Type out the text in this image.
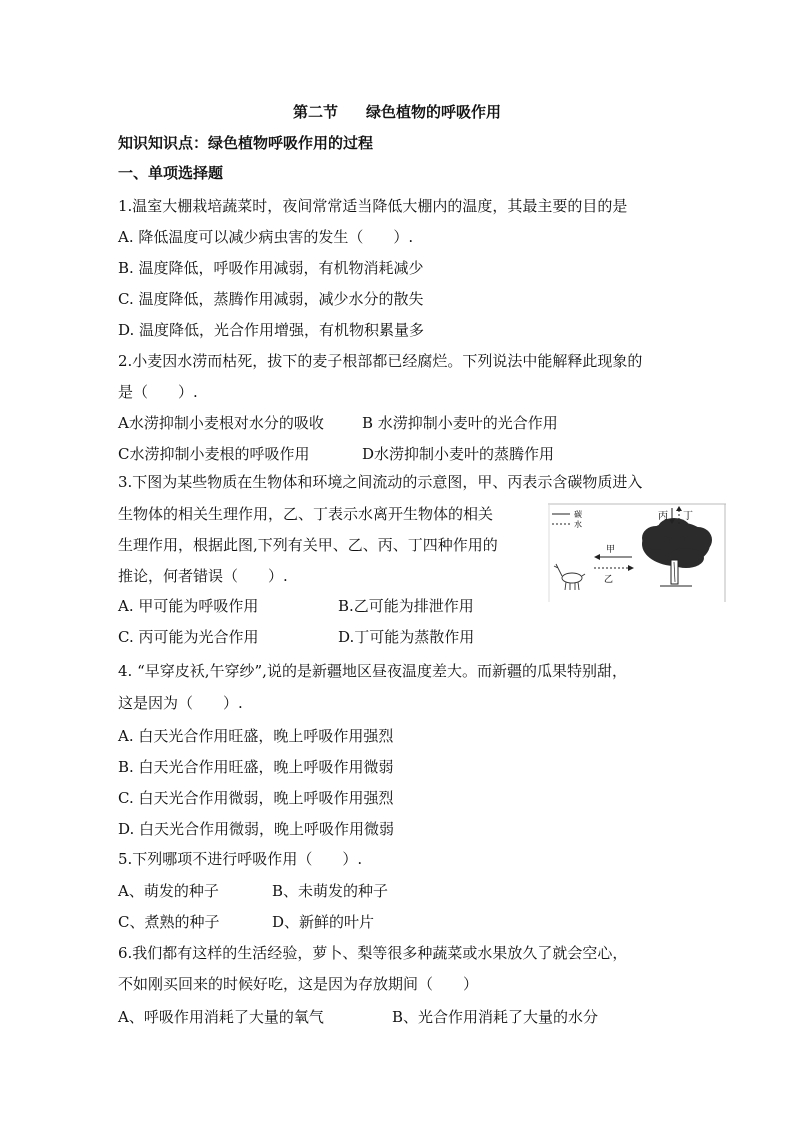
第二节 绿色植物的呼吸作用
知识知识点：绿色植物呼吸作用的过程
一、单项选择题
1.温室大棚栽培蔬菜时，夜间常常适当降低大棚内的温度，其最主要的目的是
A. 降低温度可以减少病虫害的发生（　　）.
B. 温度降低，呼吸作用减弱，有机物消耗减少
C. 温度降低，蒸腾作用减弱，减少水分的散失
D. 温度降低，光合作用增强，有机物积累量多
2.小麦因水涝而枯死，拔下的麦子根部都已经腐烂。下列说法中能解释此现象的
是（　　）.
A水涝抑制小麦根对水分的吸收	B 水涝抑制小麦叶的光合作用
C水涝抑制小麦根的呼吸作用	D水涝抑制小麦叶的蒸腾作用
3.下图为某些物质在生物体和环境之间流动的示意图，甲、丙表示含碳物质进入
生物体的相关生理作用，乙、丁表示水离开生物体的相关
生理作用，根据此图,下列有关甲、乙、丙、丁四种作用的
推论，何者错误（　　）.
A. 甲可能为呼吸作用	B.乙可能为排泄作用
C. 丙可能为光合作用	D.丁可能为蒸散作用
碳
水
丙 丁
甲
乙
4. “早穿皮袄,午穿纱”,说的是新疆地区昼夜温度差大。而新疆的瓜果特别甜，
这是因为（　　）.
A. 白天光合作用旺盛，晚上呼吸作用强烈
B. 白天光合作用旺盛，晚上呼吸作用微弱
C. 白天光合作用微弱，晚上呼吸作用强烈
D. 白天光合作用微弱，晚上呼吸作用微弱
5.下列哪项不进行呼吸作用（　　）.
A、萌发的种子	B、未萌发的种子
C、煮熟的种子	D、新鲜的叶片
6.我们都有这样的生活经验，萝卜、梨等很多种蔬菜或水果放久了就会空心，
不如刚买回来的时候好吃，这是因为存放期间（　　）
A、呼吸作用消耗了大量的氧气	B、光合作用消耗了大量的水分
